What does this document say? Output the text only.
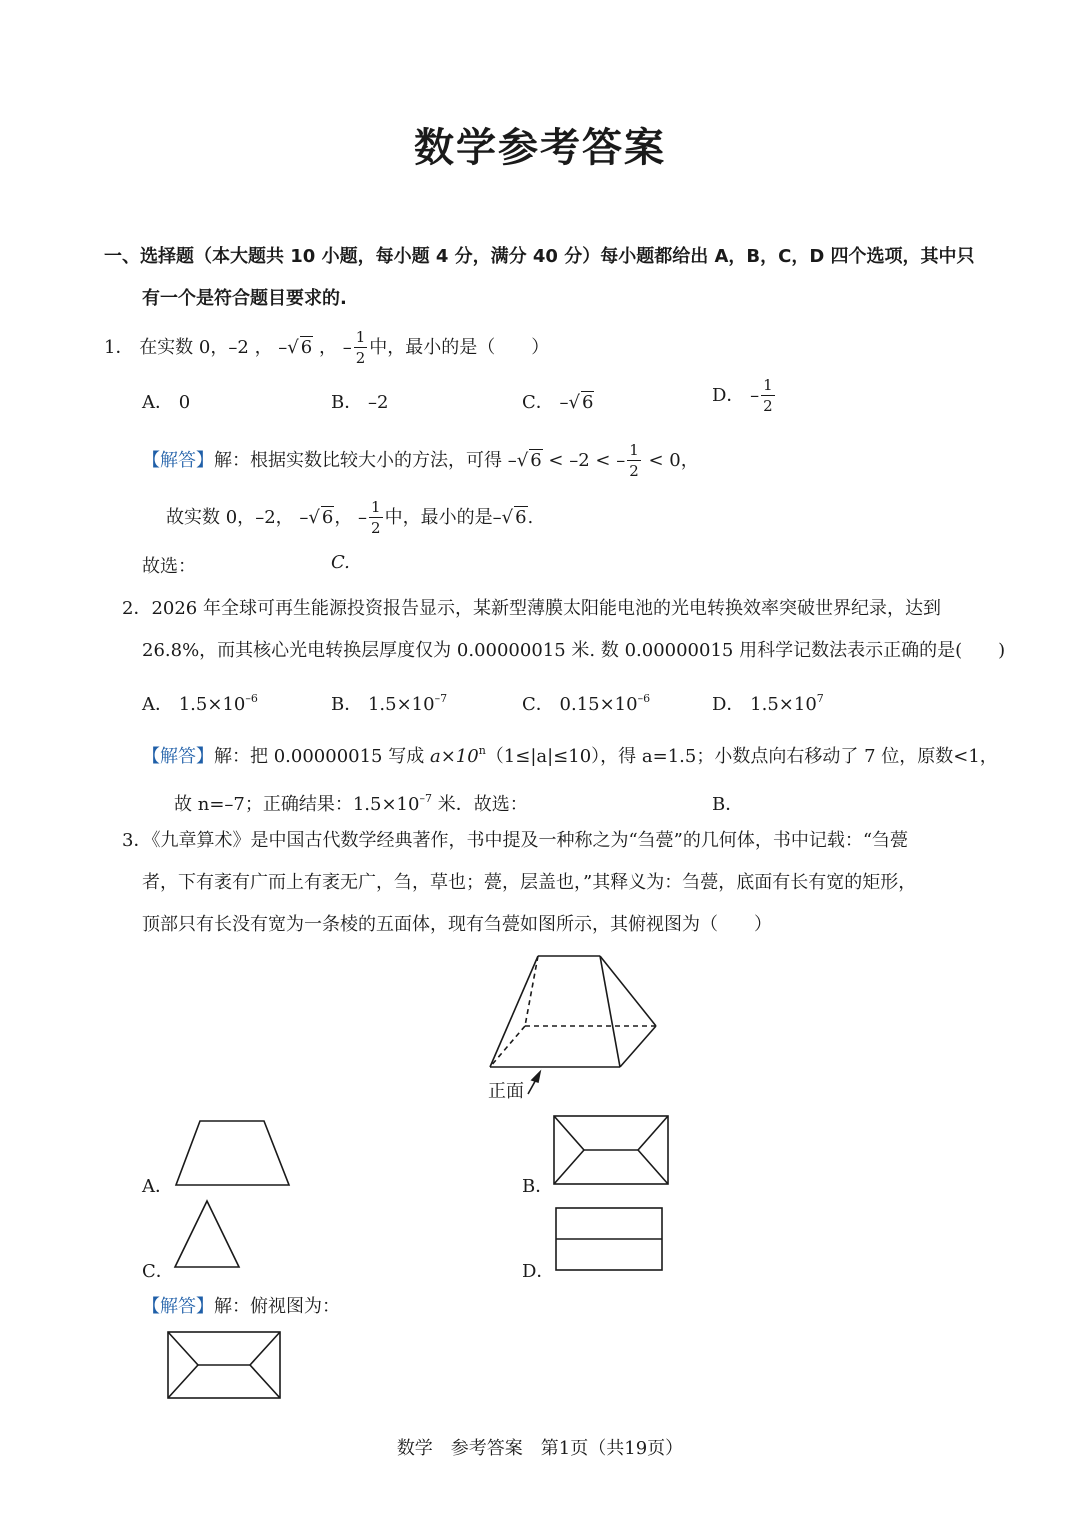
数学参考答案
一、选择题（本大题共 10 小题，每小题 4 分，满分 40 分）每小题都给出 A，B，C，D 四个选项，其中只
有一个是符合题目要求的.
1． 在实数 0，–2 ， –√ 6 ， – $\frac{1}{2}$ 中，最小的是（　　）
A． 0	B． –2	C． –√ 6	D． – $\frac{1}{2}$
【解答】解：根据实数比较大小的方法，可得 –√ 6 < –2 < – $\frac{1}{2} < 0$，
故实数 0，–2， –√ 6， – $\frac{1}{2}$ 中，最小的是–√ 6.
故选：	C.
2．2026 年全球可再生能源投资报告显示，某新型薄膜太阳能电池的光电转换效率突破世界纪录，达到
26.8%，而其核心光电转换层厚度仅为 0.00000015 米. 数 0.00000015 用科学记数法表示正确的是(　　)
A． $1.5\times 10^{-6}$	B． $1.5\times 10^{-7}$	C． $0.15\times 10^{-6}$	D． $1.5\times 10^7$
【解答】解：把 0.00000015 写成 $a\times 10^n(1\le|a|\le 10)$，得 a=1.5；小数点向右移动了 7 位，原数<1，
故 n=–7；正确结果：$1.5\times 10^{-7}$ 米．故选：	B．
3．《九章算术》是中国古代数学经典著作，书中提及一种称之为“刍甍”的几何体，书中记载：“刍甍
者，下有袤有广而上有袤无广，刍，草也；甍，层盖也，”其释义为：刍甍，底面有长有宽的矩形，
顶部只有长没有宽为一条棱的五面体，现有刍甍如图所示，其俯视图为（　　）
正面
A．	B．
C．	D．
【解答】解：俯视图为：
数学　参考答案　第1页（共19页）
